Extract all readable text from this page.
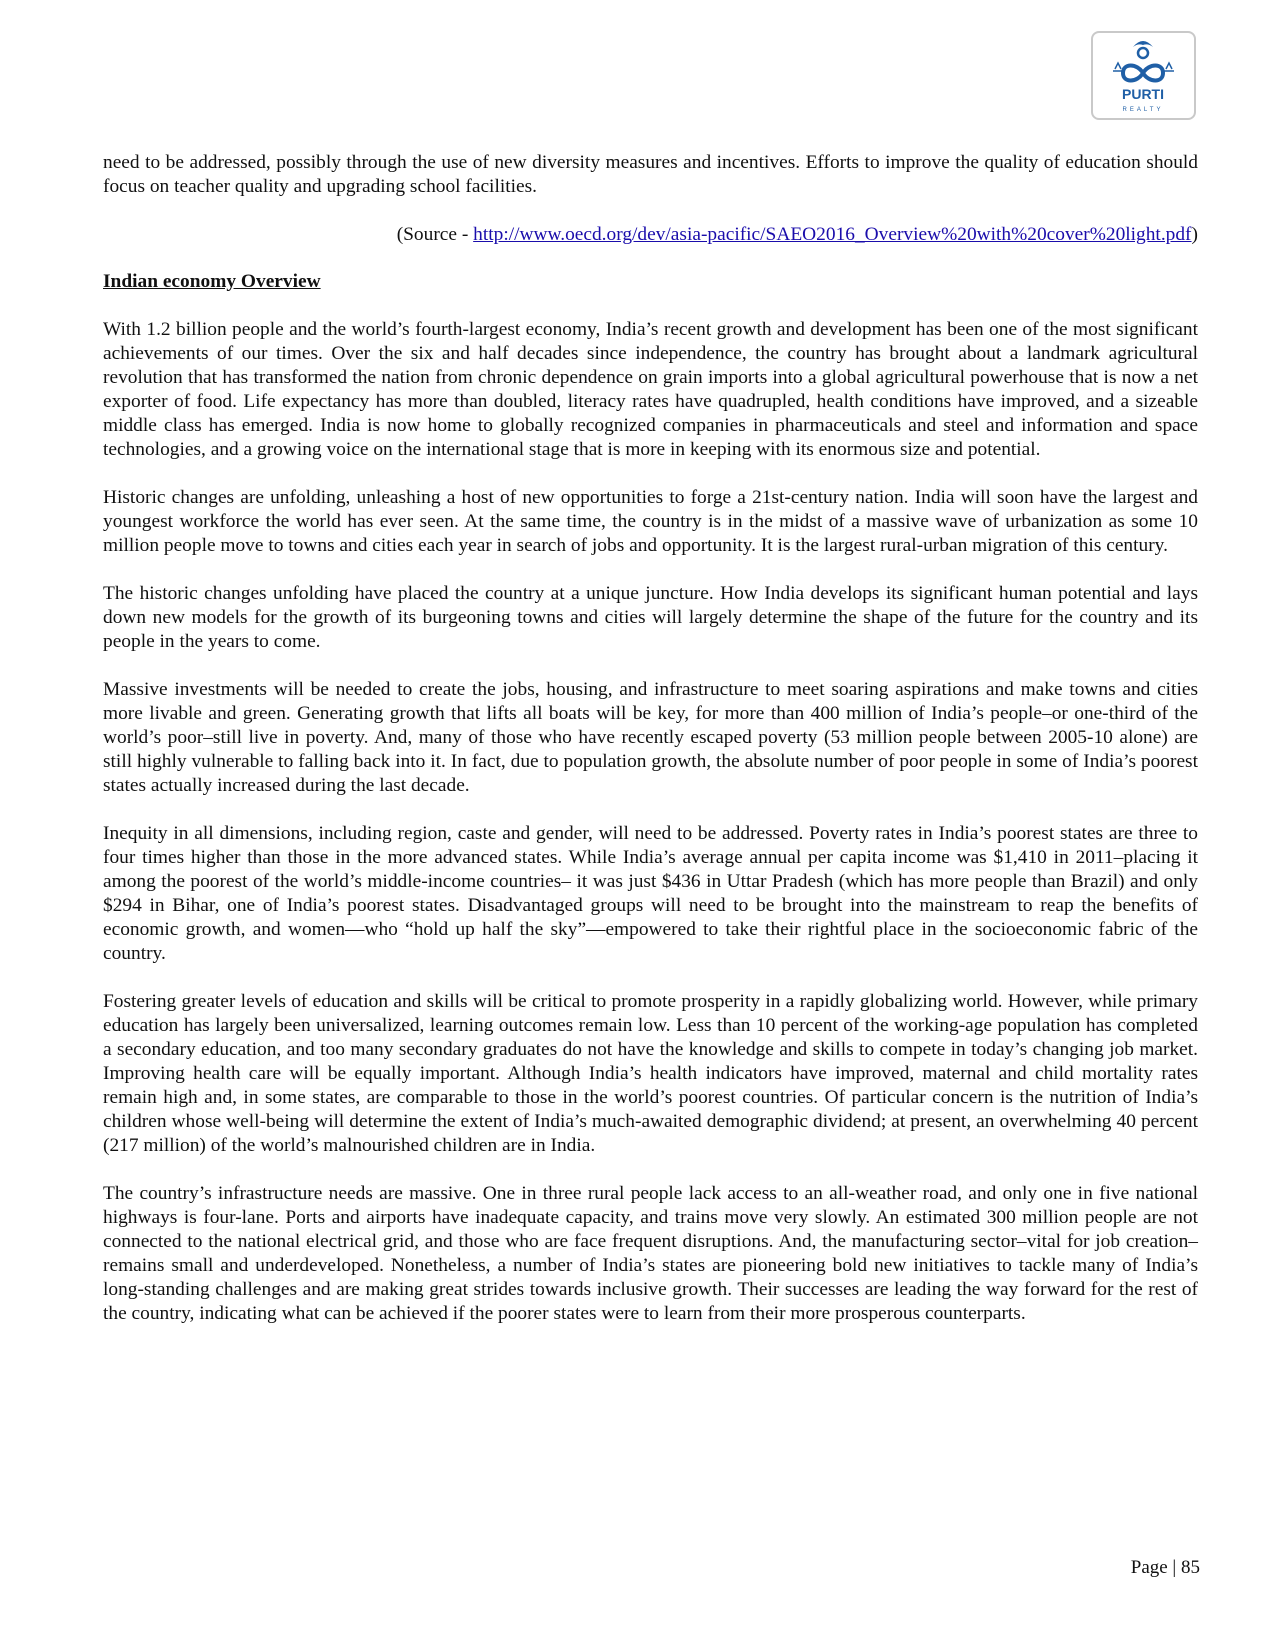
PURTI
REALTY

need to be addressed, possibly through the use of new diversity measures and incentives. Efforts to improve the quality of education should focus on teacher quality and upgrading school facilities.

(Source - http://www.oecd.org/dev/asia-pacific/SAEO2016_Overview%20with%20cover%20light.pdf)

Indian economy Overview

With 1.2 billion people and the world’s fourth-largest economy, India’s recent growth and development has been one of the most significant achievements of our times. Over the six and half decades since independence, the country has brought about a landmark agricultural revolution that has transformed the nation from chronic dependence on grain imports into a global agricultural powerhouse that is now a net exporter of food. Life expectancy has more than doubled, literacy rates have quadrupled, health conditions have improved, and a sizeable middle class has emerged. India is now home to globally recognized companies in pharmaceuticals and steel and information and space technologies, and a growing voice on the international stage that is more in keeping with its enormous size and potential.

Historic changes are unfolding, unleashing a host of new opportunities to forge a 21st-century nation. India will soon have the largest and youngest workforce the world has ever seen. At the same time, the country is in the midst of a massive wave of urbanization as some 10 million people move to towns and cities each year in search of jobs and opportunity. It is the largest rural-urban migration of this century.

The historic changes unfolding have placed the country at a unique juncture. How India develops its significant human potential and lays down new models for the growth of its burgeoning towns and cities will largely determine the shape of the future for the country and its people in the years to come.

Massive investments will be needed to create the jobs, housing, and infrastructure to meet soaring aspirations and make towns and cities more livable and green. Generating growth that lifts all boats will be key, for more than 400 million of India’s people–or one-third of the world’s poor–still live in poverty. And, many of those who have recently escaped poverty (53 million people between 2005-10 alone) are still highly vulnerable to falling back into it. In fact, due to population growth, the absolute number of poor people in some of India’s poorest states actually increased during the last decade.

Inequity in all dimensions, including region, caste and gender, will need to be addressed. Poverty rates in India’s poorest states are three to four times higher than those in the more advanced states. While India’s average annual per capita income was $1,410 in 2011–placing it among the poorest of the world’s middle-income countries– it was just $436 in Uttar Pradesh (which has more people than Brazil) and only $294 in Bihar, one of India’s poorest states. Disadvantaged groups will need to be brought into the mainstream to reap the benefits of economic growth, and women—who “hold up half the sky”—empowered to take their rightful place in the socioeconomic fabric of the country.

Fostering greater levels of education and skills will be critical to promote prosperity in a rapidly globalizing world. However, while primary education has largely been universalized, learning outcomes remain low. Less than 10 percent of the working-age population has completed a secondary education, and too many secondary graduates do not have the knowledge and skills to compete in today’s changing job market. Improving health care will be equally important. Although India’s health indicators have improved, maternal and child mortality rates remain high and, in some states, are comparable to those in the world’s poorest countries. Of particular concern is the nutrition of India’s children whose well-being will determine the extent of India’s much-awaited demographic dividend; at present, an overwhelming 40 percent (217 million) of the world’s malnourished children are in India.

The country’s infrastructure needs are massive. One in three rural people lack access to an all-weather road, and only one in five national highways is four-lane. Ports and airports have inadequate capacity, and trains move very slowly. An estimated 300 million people are not connected to the national electrical grid, and those who are face frequent disruptions. And, the manufacturing sector–vital for job creation–remains small and underdeveloped. Nonetheless, a number of India’s states are pioneering bold new initiatives to tackle many of India’s long-standing challenges and are making great strides towards inclusive growth. Their successes are leading the way forward for the rest of the country, indicating what can be achieved if the poorer states were to learn from their more prosperous counterparts.

Page | 85
